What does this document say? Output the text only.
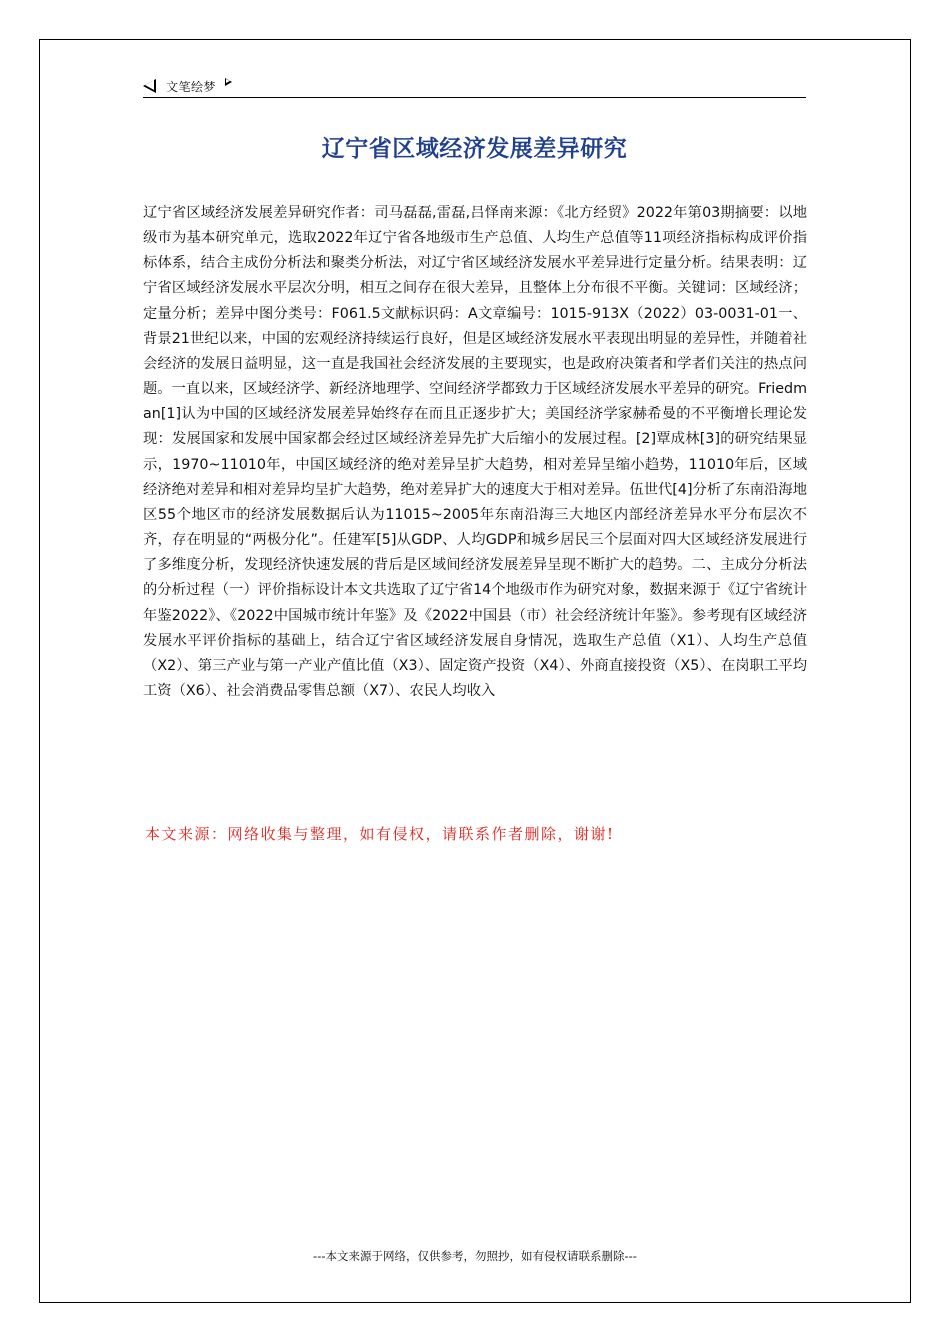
文笔绘梦
辽宁省区域经济发展差异研究

辽宁省区域经济发展差异研究作者：司马磊磊,雷磊,吕怿南来源：《北方经贸》2022年第03期摘要：以地级市为基本研究单元，选取2022年辽宁省各地级市生产总值、人均生产总值等11项经济指标构成评价指标体系，结合主成份分析法和聚类分析法，对辽宁省区域经济发展水平差异进行定量分析。结果表明：辽宁省区域经济发展水平层次分明，相互之间存在很大差异，且整体上分布很不平衡。关键词：区域经济；定量分析；差异中图分类号：F061.5文献标识码：A文章编号：1015-913X（2022）03-0031-01一、背景21世纪以来，中国的宏观经济持续运行良好，但是区域经济发展水平表现出明显的差异性，并随着社会经济的发展日益明显，这一直是我国社会经济发展的主要现实，也是政府决策者和学者们关注的热点问题。一直以来，区域经济学、新经济地理学、空间经济学都致力于区域经济发展水平差异的研究。Friedman[1]认为中国的区域经济发展差异始终存在而且正逐步扩大；美国经济学家赫希曼的不平衡增长理论发现：发展国家和发展中国家都会经过区域经济差异先扩大后缩小的发展过程。[2]覃成林[3]的研究结果显示，1970~11010年，中国区域经济的绝对差异呈扩大趋势，相对差异呈缩小趋势，11010年后，区域经济绝对差异和相对差异均呈扩大趋势，绝对差异扩大的速度大于相对差异。伍世代[4]分析了东南沿海地区55个地区市的经济发展数据后认为11015~2005年东南沿海三大地区内部经济差异水平分布层次不齐，存在明显的“两极分化”。任建军[5]从GDP、人均GDP和城乡居民三个层面对四大区域经济发展进行了多维度分析，发现经济快速发展的背后是区域间经济发展差异呈现不断扩大的趋势。二、主成分分析法的分析过程（一）评价指标设计本文共选取了辽宁省14个地级市作为研究对象，数据来源于《辽宁省统计年鉴2022》、《2022中国城市统计年鉴》及《2022中国县（市）社会经济统计年鉴》。参考现有区域经济发展水平评价指标的基础上，结合辽宁省区域经济发展自身情况，选取生产总值（X1）、人均生产总值（X2）、第三产业与第一产业产值比值（X3）、固定资产投资（X4）、外商直接投资（X5）、在岗职工平均工资（X6）、社会消费品零售总额（X7）、农民人均收入

本文来源：网络收集与整理，如有侵权，请联系作者删除，谢谢!

---本文来源于网络，仅供参考，勿照抄，如有侵权请联系删除---
